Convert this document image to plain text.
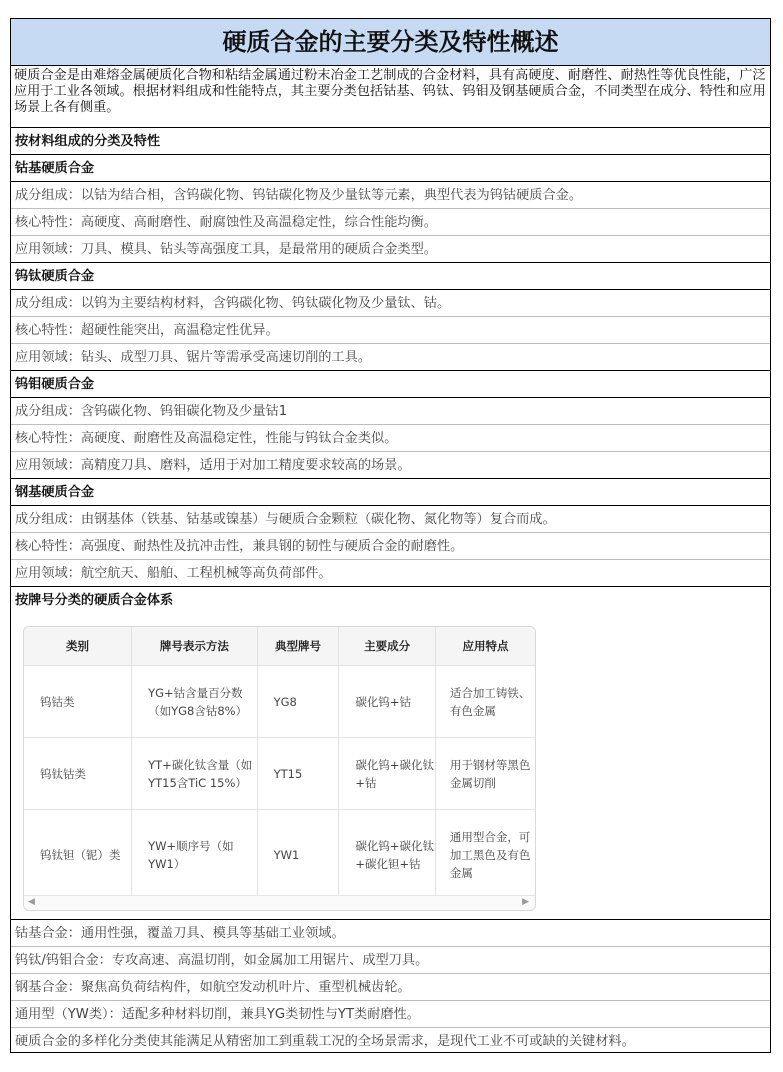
硬质合金的主要分类及特性概述
硬质合金是由难熔金属硬质化合物和粘结金属通过粉末冶金工艺制成的合金材料，具有高硬度、耐磨性、耐热性等优良性能，广泛应用于工业各领域。根据材料组成和性能特点，其主要分类包括钴基、钨钛、钨钼及钢基硬质合金，不同类型在成分、特性和应用场景上各有侧重。
按材料组成的分类及特性
钴基硬质合金
成分组成：以钴为结合相，含钨碳化物、钨钴碳化物及少量钛等元素，典型代表为钨钴硬质合金。
核心特性：高硬度、高耐磨性、耐腐蚀性及高温稳定性，综合性能均衡。
应用领域：刀具、模具、钻头等高强度工具，是最常用的硬质合金类型。
钨钛硬质合金
成分组成：以钨为主要结构材料，含钨碳化物、钨钛碳化物及少量钛、钴。
核心特性：超硬性能突出，高温稳定性优异。
应用领域：钻头、成型刀具、锯片等需承受高速切削的工具。
钨钼硬质合金
成分组成：含钨碳化物、钨钼碳化物及少量钴1
核心特性：高硬度、耐磨性及高温稳定性，性能与钨钛合金类似。
应用领域：高精度刀具、磨料，适用于对加工精度要求较高的场景。
钢基硬质合金
成分组成：由钢基体（铁基、钴基或镍基）与硬质合金颗粒（碳化物、氮化物等）复合而成。
核心特性：高强度、耐热性及抗冲击性，兼具钢的韧性与硬质合金的耐磨性。
应用领域：航空航天、船舶、工程机械等高负荷部件。
按牌号分类的硬质合金体系
类别	牌号表示方法	典型牌号	主要成分	应用特点
钨钴类	YG+钴含量百分数（如YG8含钴8%）	YG8	碳化钨+钴	适合加工铸铁、有色金属
钨钛钴类	YT+碳化钛含量（如YT15含TiC 15%）	YT15	碳化钨+碳化钛+钴	用于钢材等黑色金属切削
钨钛钽（铌）类	YW+顺序号（如YW1）	YW1	碳化钨+碳化钛+碳化钽+钴	通用型合金，可加工黑色及有色金属
◀	▶
钴基合金：通用性强，覆盖刀具、模具等基础工业领域。
钨钛/钨钼合金：专攻高速、高温切削，如金属加工用锯片、成型刀具。
钢基合金：聚焦高负荷结构件，如航空发动机叶片、重型机械齿轮。
通用型（YW类）：适配多种材料切削，兼具YG类韧性与YT类耐磨性。
硬质合金的多样化分类使其能满足从精密加工到重载工况的全场景需求，是现代工业不可或缺的关键材料。
